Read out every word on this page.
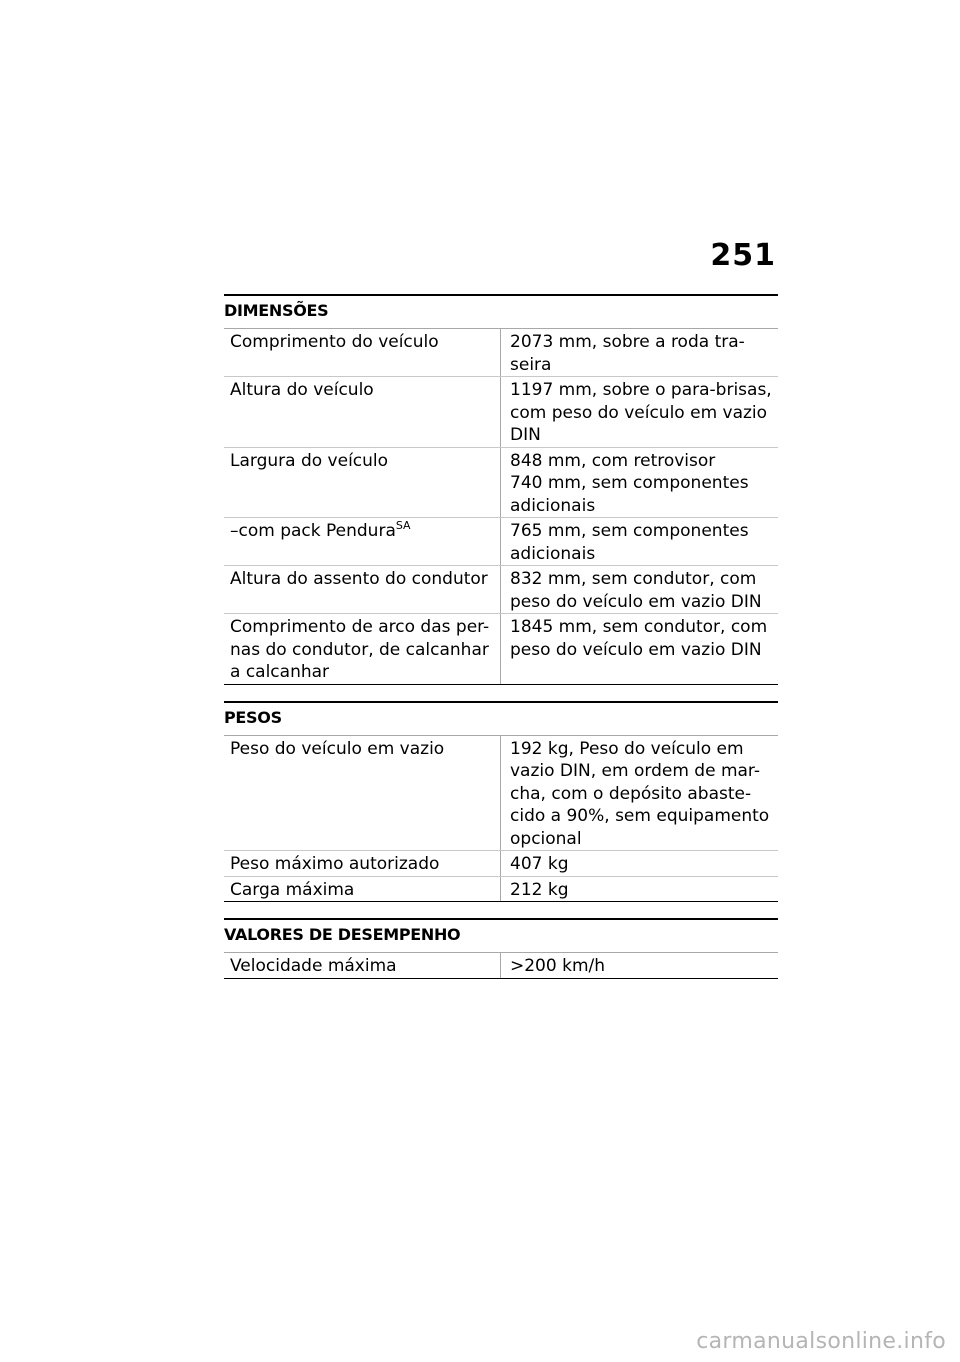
251
DIMENSÕES
Comprimento do veículo	2073 mm, sobre a roda tra-
seira

Altura do veículo	1197 mm, sobre o para-brisas,
com peso do veículo em vazio
DIN

Largura do veículo	848 mm, com retrovisor
740 mm, sem componentes
adicionais

–com pack Pendura$^{SA}$	765 mm, sem componentes
adicionais

Altura do assento do condutor	832 mm, sem condutor, com
peso do veículo em vazio DIN

Comprimento de arco das per-
nas do condutor, de calcanhar
a calcanhar	1845 mm, sem condutor, com
peso do veículo em vazio DIN
PESOS
Peso do veículo em vazio	192 kg, Peso do veículo em
vazio DIN, em ordem de mar-
cha, com o depósito abaste-
cido a 90%, sem equipamento
opcional

Peso máximo autorizado	407 kg

Carga máxima	212 kg
VALORES DE DESEMPENHO
Velocidade máxima	>200 km/h
carmanualsonline.info
